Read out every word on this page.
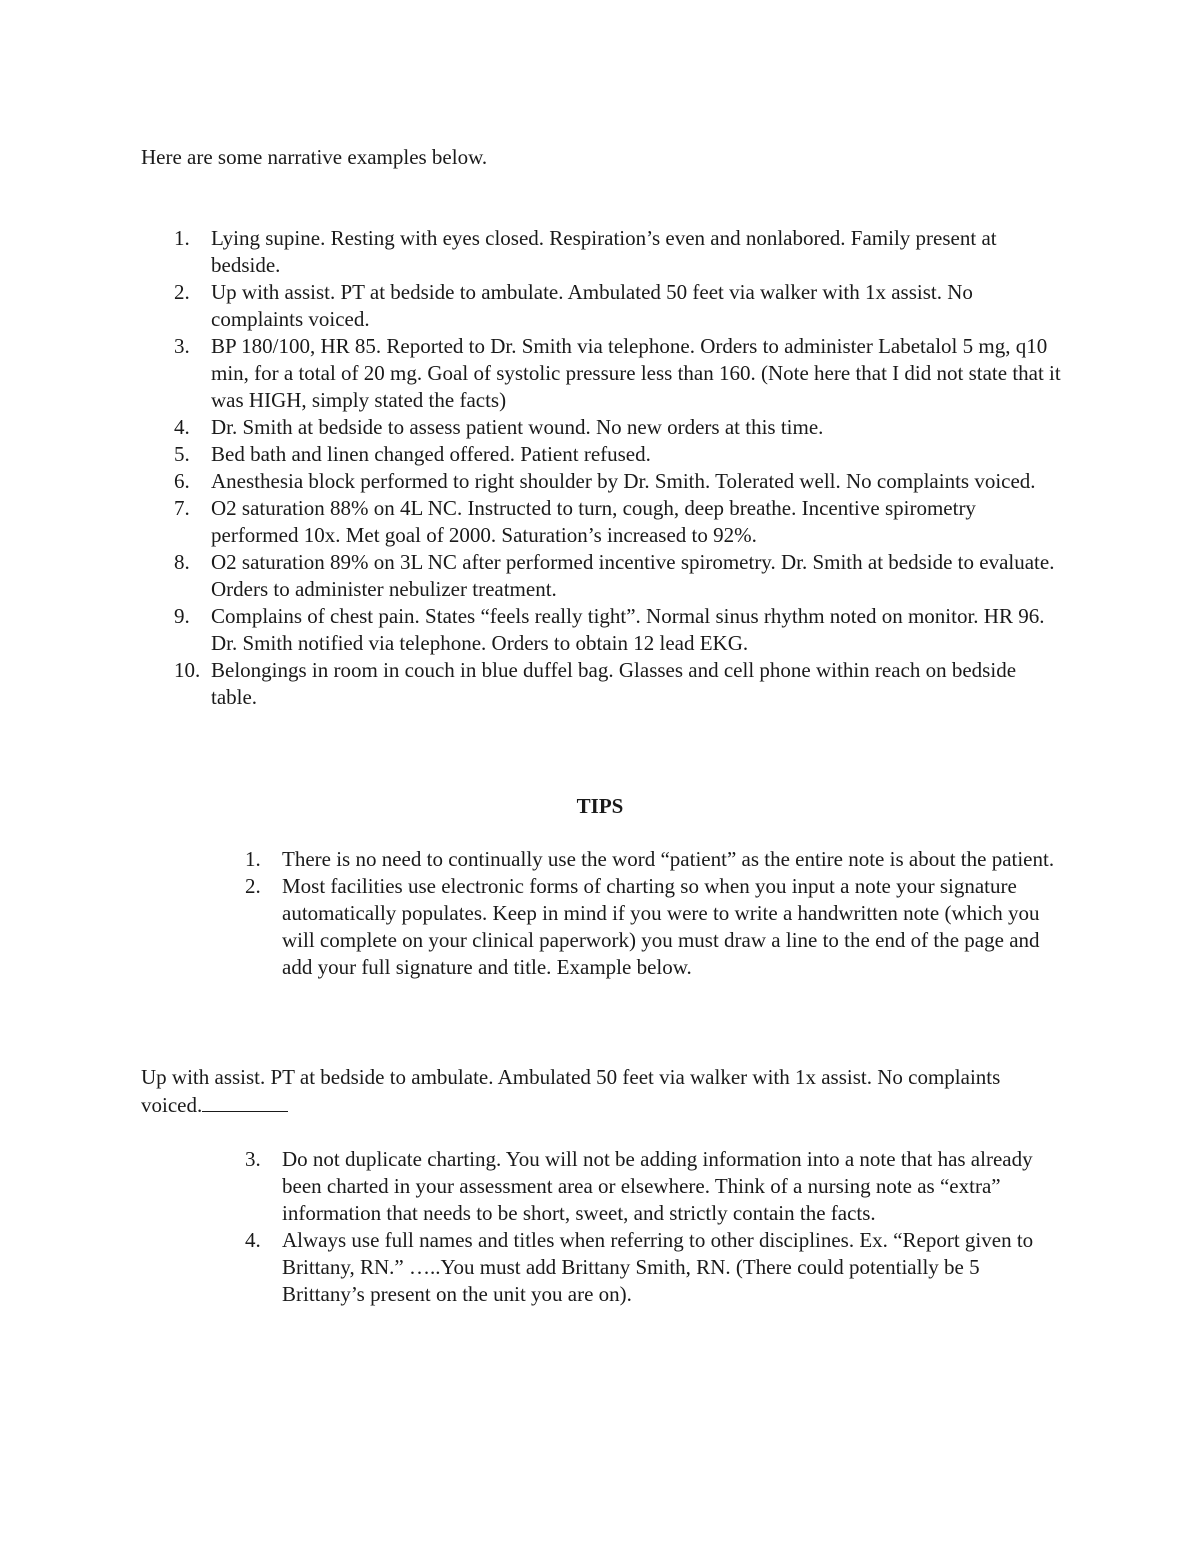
Here are some narrative examples below.

1. Lying supine. Resting with eyes closed. Respiration’s even and nonlabored. Family present at bedside.
2. Up with assist. PT at bedside to ambulate. Ambulated 50 feet via walker with 1x assist. No complaints voiced.
3. BP 180/100, HR 85. Reported to Dr. Smith via telephone. Orders to administer Labetalol 5 mg, q10 min, for a total of 20 mg. Goal of systolic pressure less than 160. (Note here that I did not state that it was HIGH, simply stated the facts)
4. Dr. Smith at bedside to assess patient wound. No new orders at this time.
5. Bed bath and linen changed offered. Patient refused.
6. Anesthesia block performed to right shoulder by Dr. Smith. Tolerated well. No complaints voiced.
7. O2 saturation 88% on 4L NC. Instructed to turn, cough, deep breathe. Incentive spirometry performed 10x. Met goal of 2000. Saturation’s increased to 92%.
8. O2 saturation 89% on 3L NC after performed incentive spirometry. Dr. Smith at bedside to evaluate. Orders to administer nebulizer treatment.
9. Complains of chest pain. States “feels really tight”. Normal sinus rhythm noted on monitor. HR 96. Dr. Smith notified via telephone. Orders to obtain 12 lead EKG.
10. Belongings in room in couch in blue duffel bag. Glasses and cell phone within reach on bedside table.
TIPS
1. There is no need to continually use the word “patient” as the entire note is about the patient.
2. Most facilities use electronic forms of charting so when you input a note your signature automatically populates. Keep in mind if you were to write a handwritten note (which you will complete on your clinical paperwork) you must draw a line to the end of the page and add your full signature and title. Example below.

Up with assist. PT at bedside to ambulate. Ambulated 50 feet via walker with 1x assist. No complaints voiced.

3. Do not duplicate charting. You will not be adding information into a note that has already been charted in your assessment area or elsewhere. Think of a nursing note as “extra” information that needs to be short, sweet, and strictly contain the facts.
4. Always use full names and titles when referring to other disciplines. Ex. “Report given to Brittany, RN.” …..You must add Brittany Smith, RN. (There could potentially be 5 Brittany’s present on the unit you are on).
